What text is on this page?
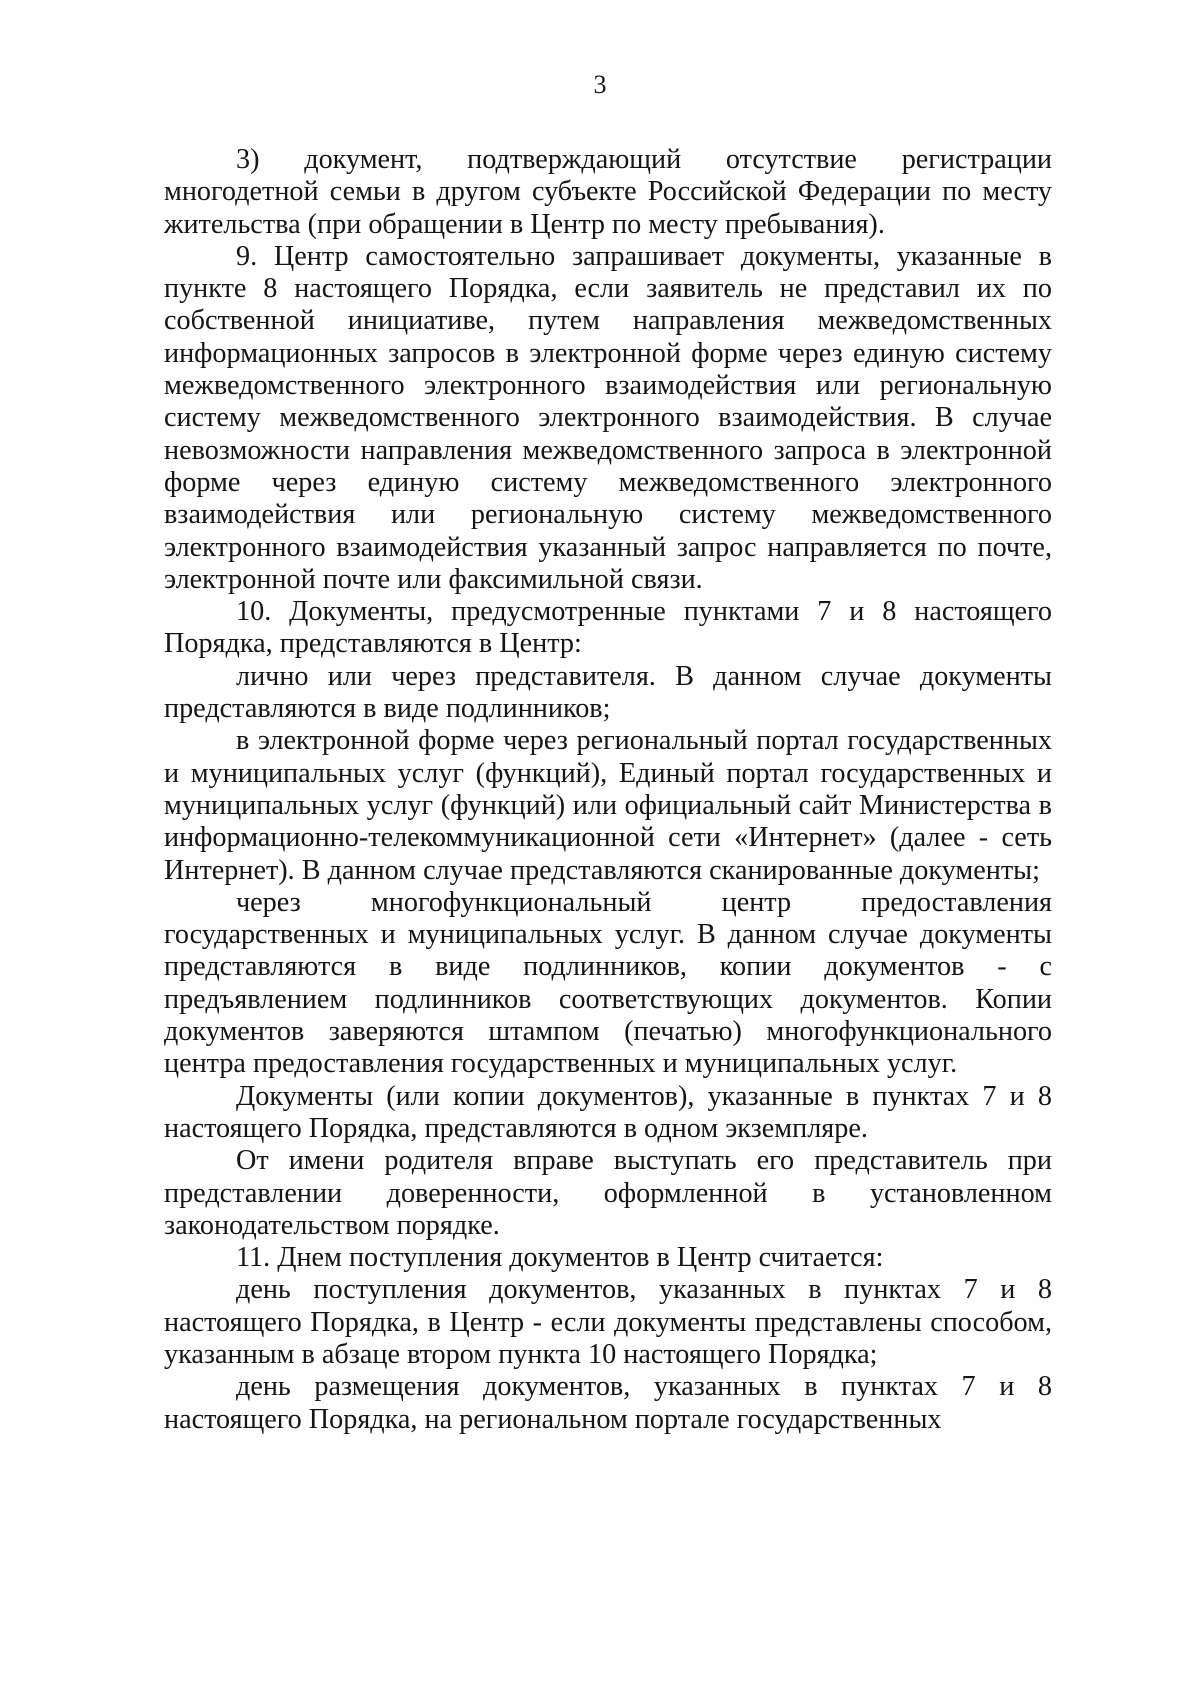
3

3) документ, подтверждающий отсутствие регистрации многодетной семьи в другом субъекте Российской Федерации по месту жительства (при обращении в Центр по месту пребывания).

9. Центр самостоятельно запрашивает документы, указанные в пункте 8 настоящего Порядка, если заявитель не представил их по собственной инициативе, путем направления межведомственных информационных запросов в электронной форме через единую систему межведомственного электронного взаимодействия или региональную систему межведомственного электронного взаимодействия. В случае невозможности направления межведомственного запроса в электронной форме через единую систему межведомственного электронного взаимодействия или региональную систему межведомственного электронного взаимодействия указанный запрос направляется по почте, электронной почте или факсимильной связи.

10. Документы, предусмотренные пунктами 7 и 8 настоящего Порядка, представляются в Центр:

лично или через представителя. В данном случае документы представляются в виде подлинников;

в электронной форме через региональный портал государственных и муниципальных услуг (функций), Единый портал государственных и муниципальных услуг (функций) или официальный сайт Министерства в информационно-телекоммуникационной сети «Интернет» (далее - сеть Интернет). В данном случае представляются сканированные документы;

через многофункциональный центр предоставления государственных и муниципальных услуг. В данном случае документы представляются в виде подлинников, копии документов - с предъявлением подлинников соответствующих документов. Копии документов заверяются штампом (печатью) многофункционального центра предоставления государственных и муниципальных услуг.

Документы (или копии документов), указанные в пунктах 7 и 8 настоящего Порядка, представляются в одном экземпляре.

От имени родителя вправе выступать его представитель при представлении доверенности, оформленной в установленном законодательством порядке.

11. Днем поступления документов в Центр считается:

день поступления документов, указанных в пунктах 7 и 8 настоящего Порядка, в Центр - если документы представлены способом, указанным в абзаце втором пункта 10 настоящего Порядка;

день размещения документов, указанных в пунктах 7 и 8 настоящего Порядка, на региональном портале государственных
